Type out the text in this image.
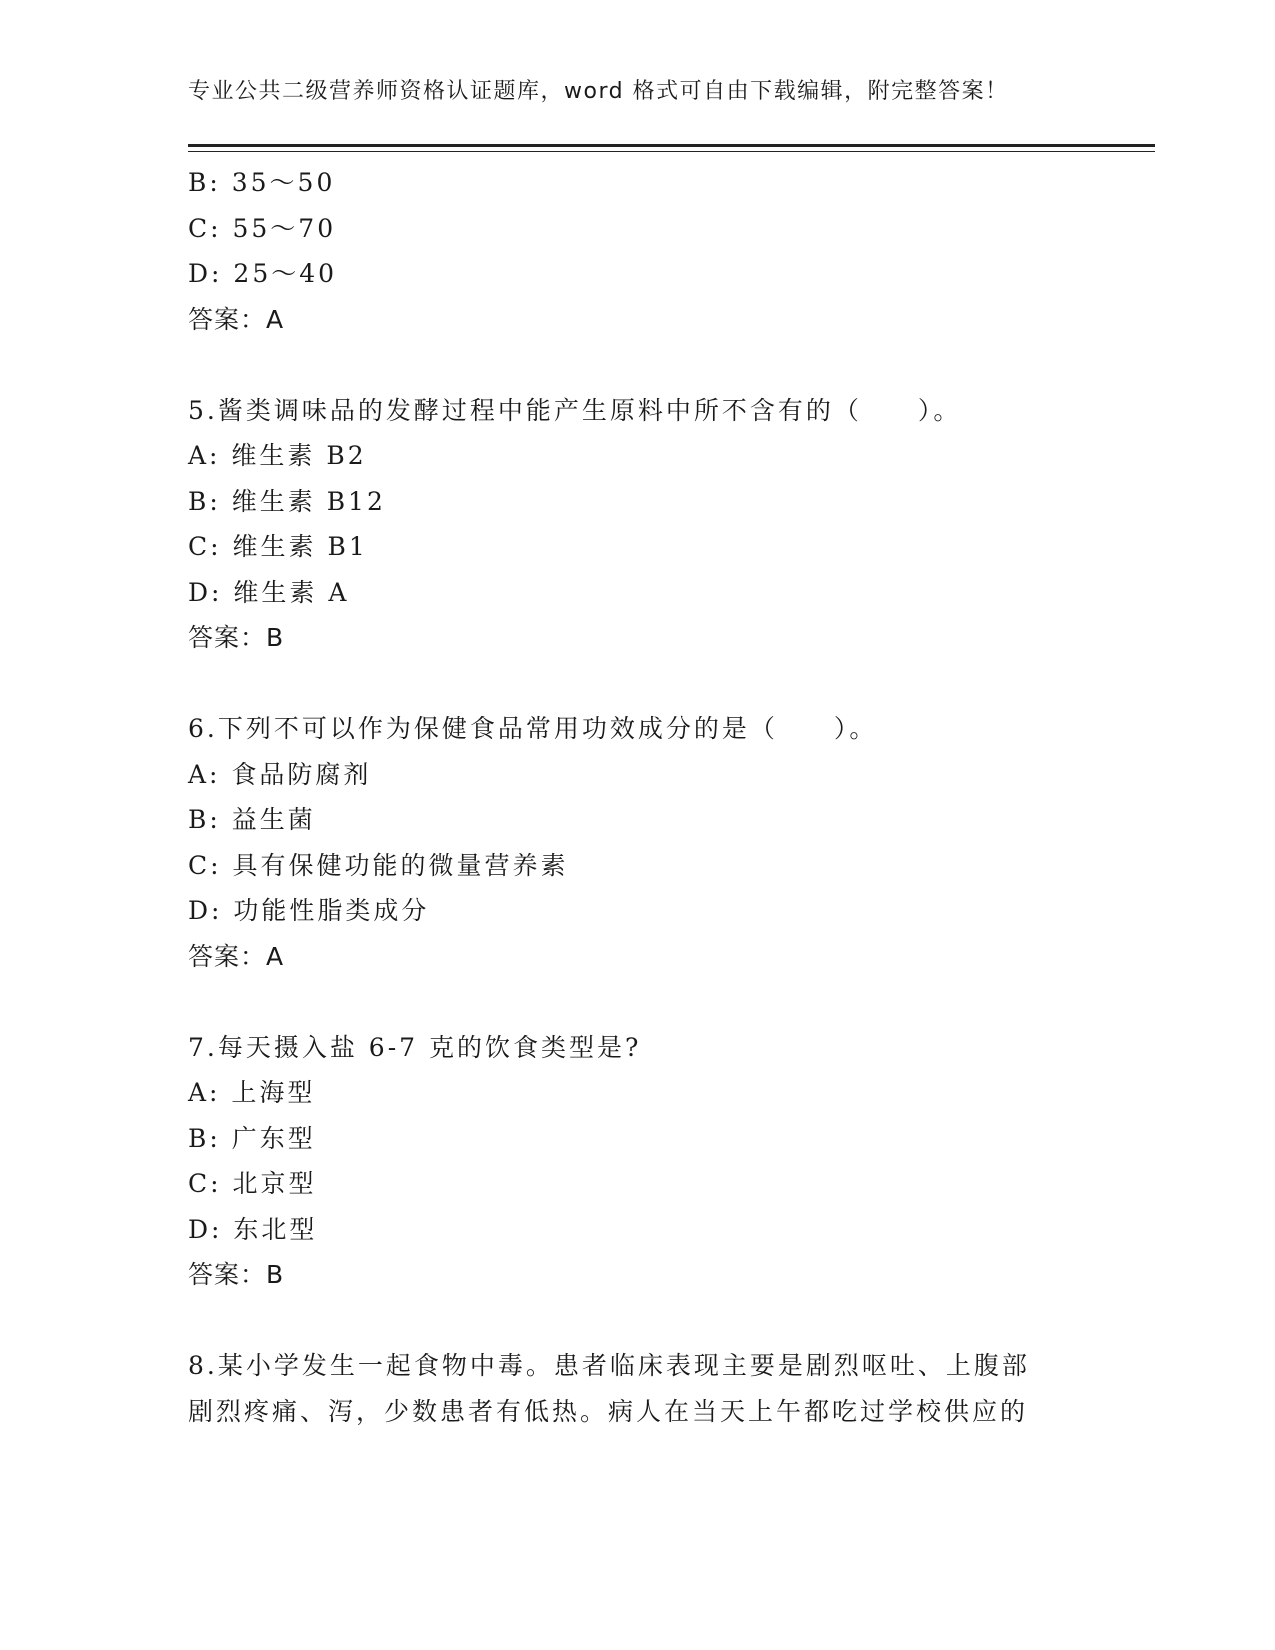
专业公共二级营养师资格认证题库，word 格式可自由下载编辑，附完整答案！
B: 35～50
C: 55～70
D: 25～40
答案：A
5.酱类调味品的发酵过程中能产生原料中所不含有的（　　）。
A: 维生素 B2
B: 维生素 B12
C: 维生素 B1
D: 维生素 A
答案：B
6.下列不可以作为保健食品常用功效成分的是（　　）。
A: 食品防腐剂
B: 益生菌
C: 具有保健功能的微量营养素
D: 功能性脂类成分
答案：A
7.每天摄入盐 6-7 克的饮食类型是?
A: 上海型
B: 广东型
C: 北京型
D: 东北型
答案：B
8.某小学发生一起食物中毒。患者临床表现主要是剧烈呕吐、上腹部
剧烈疼痛、泻，少数患者有低热。病人在当天上午都吃过学校供应的
